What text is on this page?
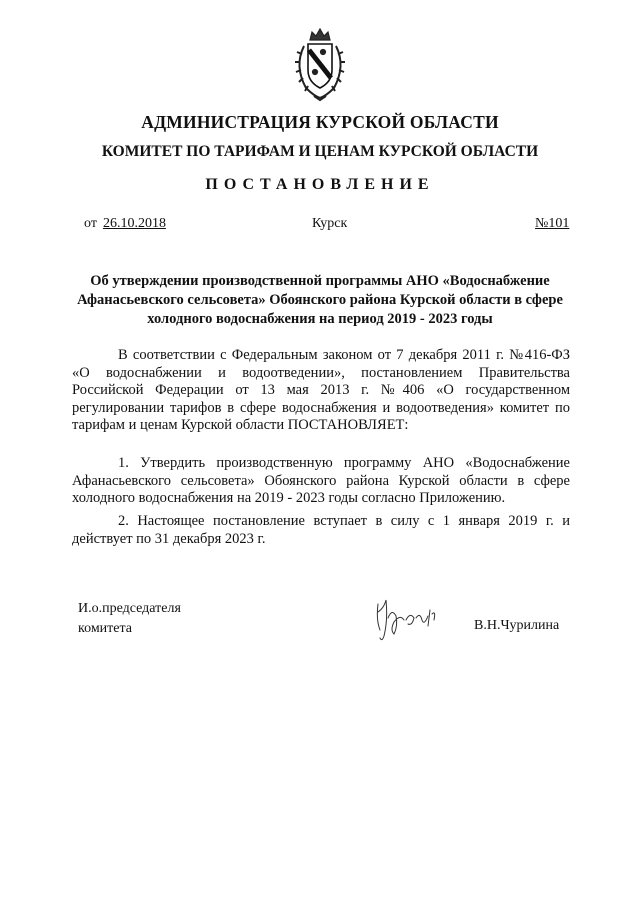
АДМИНИСТРАЦИЯ КУРСКОЙ ОБЛАСТИ
КОМИТЕТ ПО ТАРИФАМ И ЦЕНАМ КУРСКОЙ ОБЛАСТИ
ПОСТАНОВЛЕНИЕ
от 26.10.2018	Курск	№101
Об утверждении производственной программы АНО «Водоснабжение Афанасьевского сельсовета» Обоянского района Курской области в сфере холодного водоснабжения на период 2019 - 2023 годы
В соответствии с Федеральным законом от 7 декабря 2011 г. №416-ФЗ «О водоснабжении и водоотведении», постановлением Правительства Российской Федерации от 13 мая 2013 г. №406 «О государственном регулировании тарифов в сфере водоснабжения и водоотведения» комитет по тарифам и ценам Курской области ПОСТАНОВЛЯЕТ:
1. Утвердить производственную программу АНО «Водоснабжение Афанасьевского сельсовета» Обоянского района Курской области в сфере холодного водоснабжения на 2019 - 2023 годы согласно Приложению.
2. Настоящее постановление вступает в силу с 1 января 2019 г. и действует по 31 декабря 2023 г.
И.о.председателя
комитета	В.Н.Чурилина
